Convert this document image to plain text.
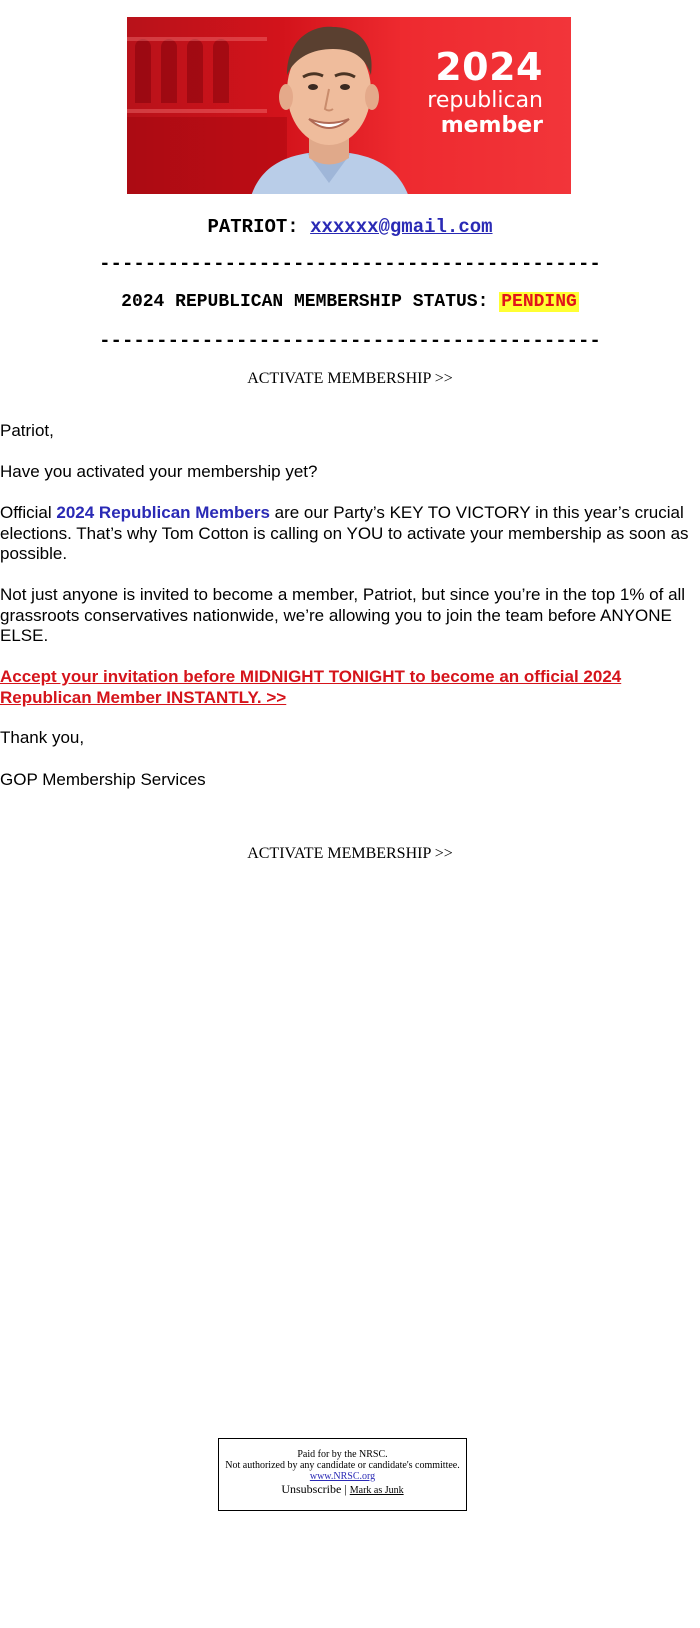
2024
republican
member
PATRIOT: xxxxxx@gmail.com
--------------------------------------------
2024 REPUBLICAN MEMBERSHIP STATUS: PENDING
--------------------------------------------
ACTIVATE MEMBERSHIP >>
Patriot,
Have you activated your membership yet?
Official 2024 Republican Members are our Party’s KEY TO VICTORY in this year’s crucial elections. That’s why Tom Cotton is calling on YOU to activate your membership as soon as possible.
Not just anyone is invited to become a member, Patriot, but since you’re in the top 1% of all grassroots conservatives nationwide, we’re allowing you to join the team before ANYONE ELSE.
Accept your invitation before MIDNIGHT TONIGHT to become an official 2024 Republican Member INSTANTLY. >>
Thank you,
GOP Membership Services
ACTIVATE MEMBERSHIP >>
Paid for by the NRSC.
Not authorized by any candidate or candidate's committee.
www.NRSC.org
Unsubscribe | Mark as Junk
